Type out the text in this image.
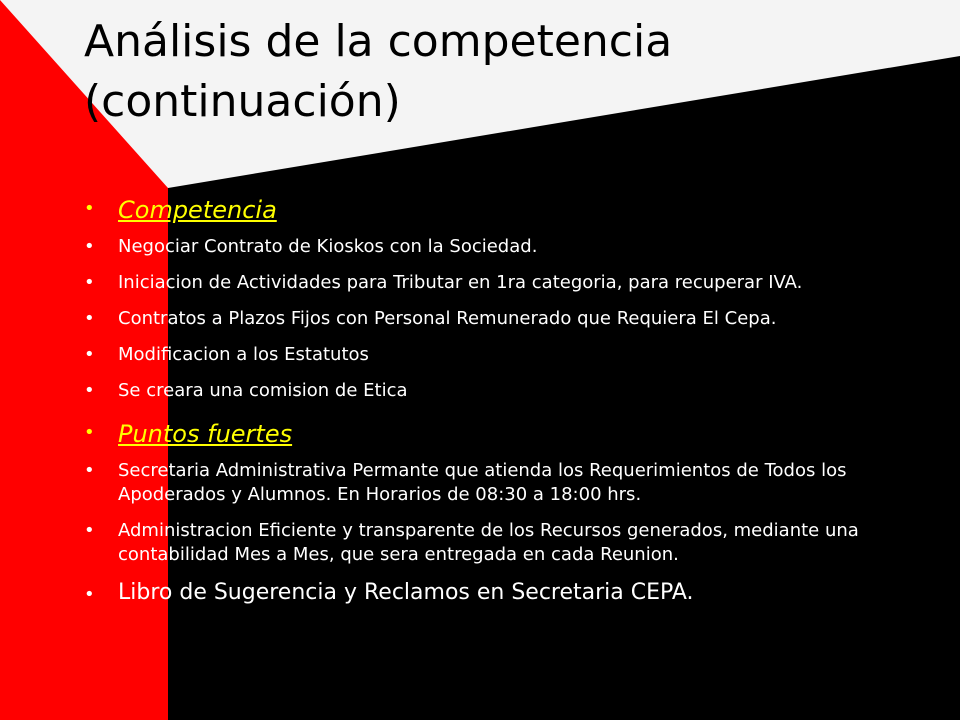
Análisis de la competencia
(continuación)
• Competencia
• Negociar Contrato de Kioskos con la Sociedad.
• Iniciacion de Actividades para Tributar en 1ra categoria, para recuperar IVA.
• Contratos a Plazos Fijos con Personal Remunerado que Requiera El Cepa.
• Modificacion a los Estatutos
• Se creara una comision de Etica
• Puntos fuertes
• Secretaria Administrativa Permante que atienda los Requerimientos de Todos los Apoderados y Alumnos. En Horarios de 08:30 a 18:00 hrs.
• Administracion Eficiente y transparente de los Recursos generados, mediante una contabilidad Mes a Mes, que sera entregada en cada Reunion.
• Libro de Sugerencia y Reclamos en Secretaria CEPA.
